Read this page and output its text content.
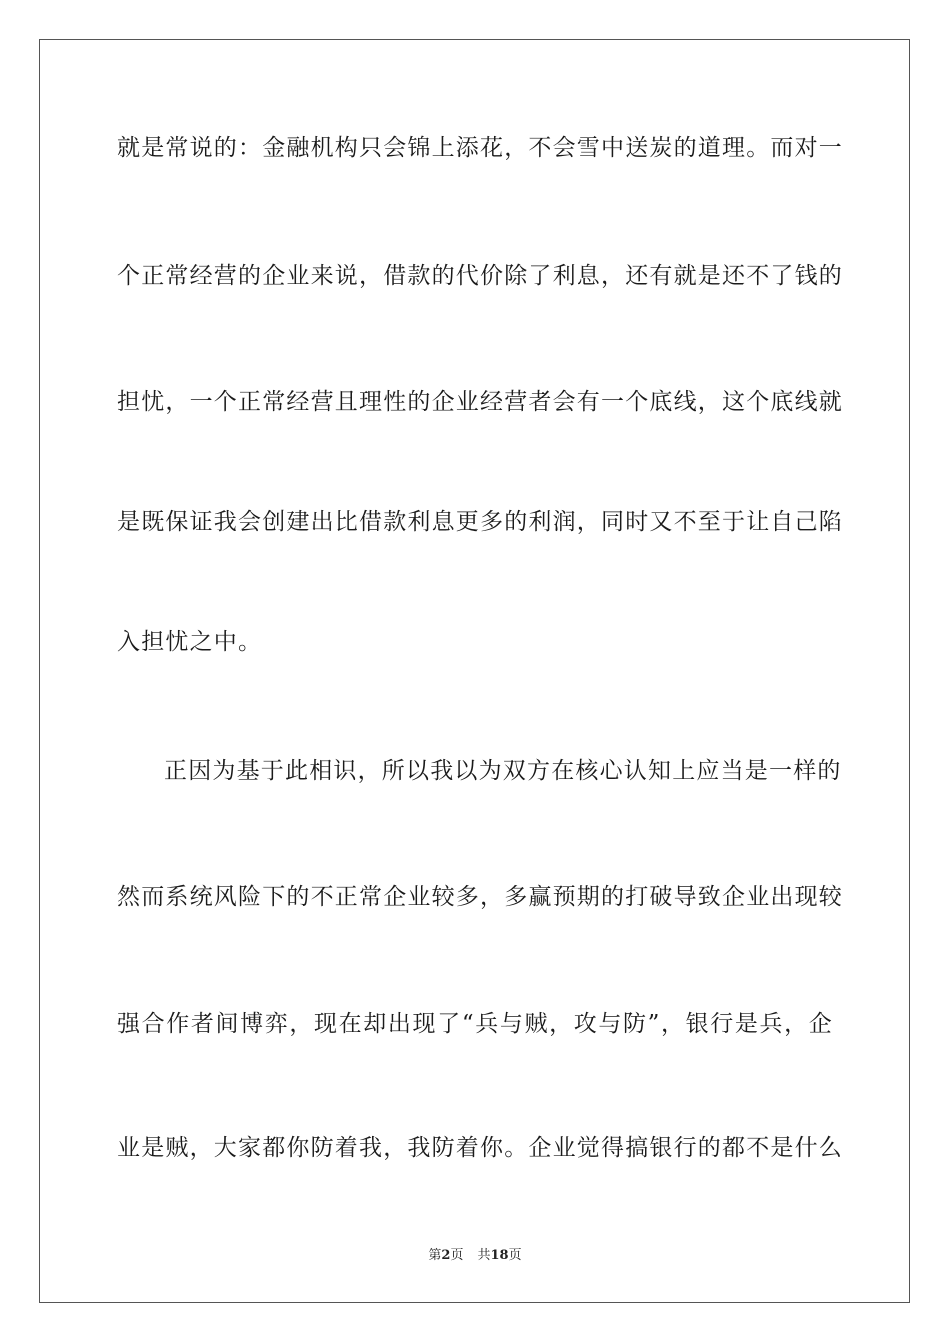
就是常说的：金融机构只会锦上添花，不会雪中送炭的道理。而对一
个正常经营的企业来说，借款的代价除了利息，还有就是还不了钱的
担忧，一个正常经营且理性的企业经营者会有一个底线，这个底线就
是既保证我会创建出比借款利息更多的利润，同时又不至于让自己陷
入担忧之中。
正因为基于此相识，所以我以为双方在核心认知上应当是一样的
然而系统风险下的不正常企业较多，多赢预期的打破导致企业出现较
强合作者间博弈，现在却出现了“兵与贼，攻与防”，银行是兵，企
业是贼，大家都你防着我，我防着你。企业觉得搞银行的都不是什么
第2页 共18页
